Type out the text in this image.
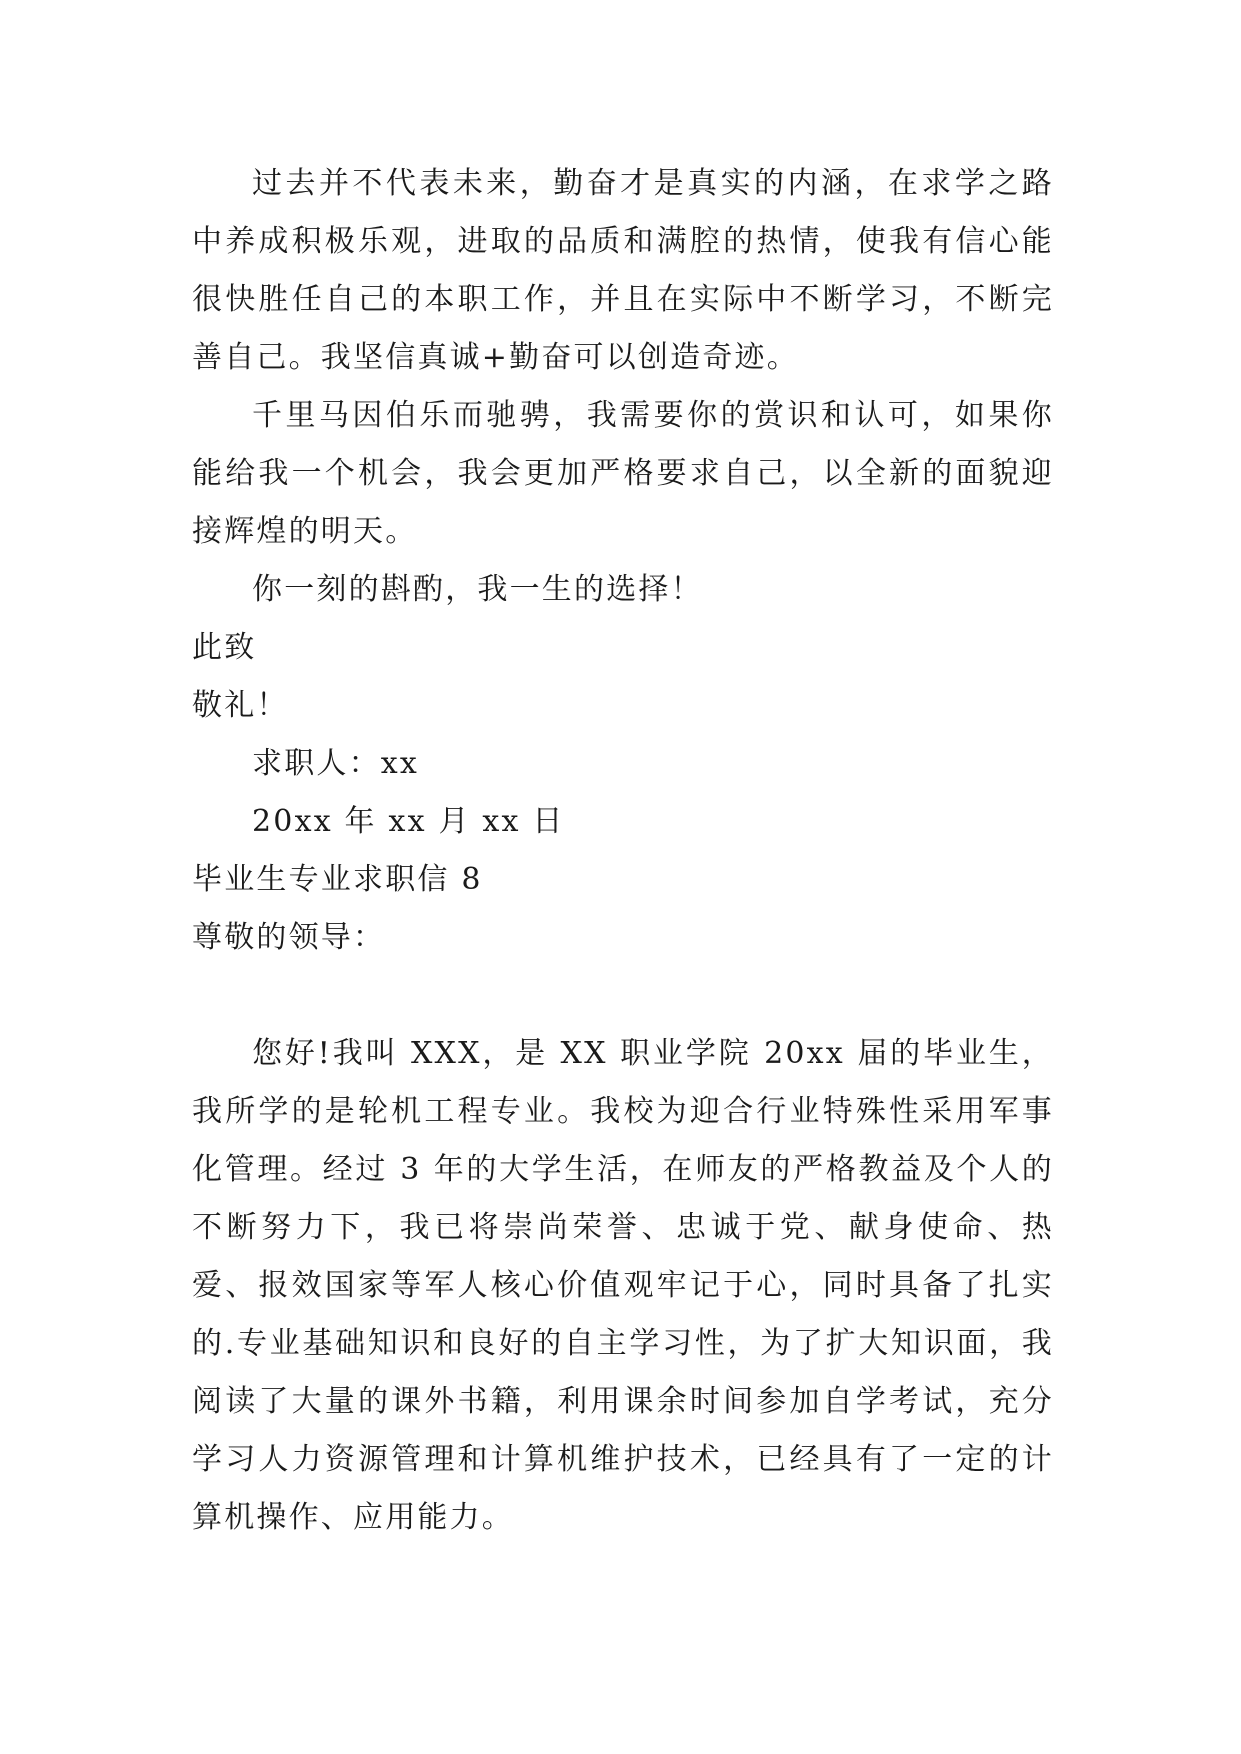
过去并不代表未来，勤奋才是真实的内涵，在求学之路中养成积极乐观，进取的品质和满腔的热情，使我有信心能很快胜任自己的本职工作，并且在实际中不断学习，不断完善自己。我坚信真诚+勤奋可以创造奇迹。

千里马因伯乐而驰骋，我需要你的赏识和认可，如果你能给我一个机会，我会更加严格要求自己，以全新的面貌迎接辉煌的明天。

你一刻的斟酌，我一生的选择！

此致

敬礼！

求职人：xx

20xx 年 xx 月 xx 日

毕业生专业求职信 8

尊敬的领导：

您好!我叫 XXX，是 XX 职业学院 20xx 届的毕业生，我所学的是轮机工程专业。我校为迎合行业特殊性采用军事化管理。经过 3 年的大学生活，在师友的严格教益及个人的不断努力下，我已将崇尚荣誉、忠诚于党、献身使命、热爱、报效国家等军人核心价值观牢记于心，同时具备了扎实的.专业基础知识和良好的自主学习性，为了扩大知识面，我阅读了大量的课外书籍，利用课余时间参加自学考试，充分学习人力资源管理和计算机维护技术，已经具有了一定的计算机操作、应用能力。
